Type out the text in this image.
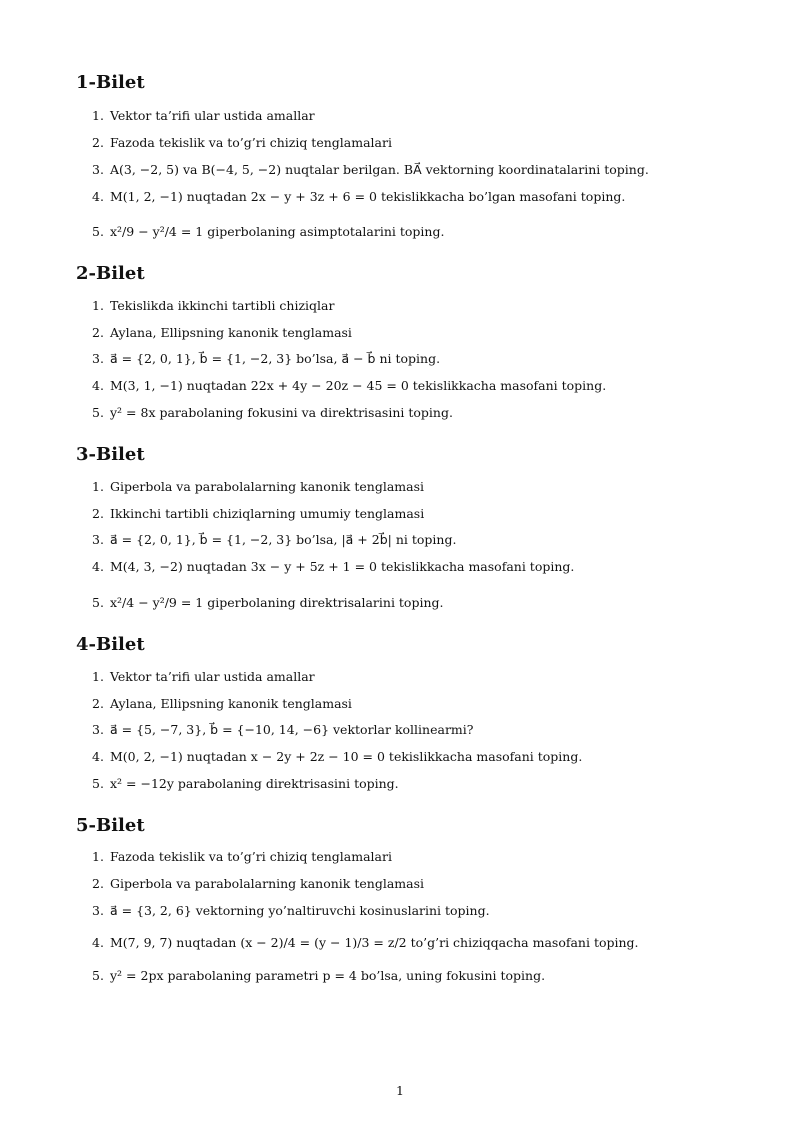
1-Bilet
1. Vektor ta’rifi ular ustida amallar
2. Fazoda tekislik va to’g’ri chiziq tenglamalari
3. A(3, −2, 5) va B(−4, 5, −2) nuqtalar berilgan. BA⃗ vektorning koordinatalarini toping.
4. M(1, 2, −1) nuqtadan 2x − y + 3z + 6 = 0 tekislikkacha bo’lgan masofani toping.
5. x²/9 − y²/4 = 1 giperbolaning asimptotalarini toping.
2-Bilet
1. Tekislikda ikkinchi tartibli chiziqlar
2. Aylana, Ellipsning kanonik tenglamasi
3. a⃗ = {2, 0, 1}, b⃗ = {1, −2, 3} bo’lsa, a⃗ − b⃗ ni toping.
4. M(3, 1, −1) nuqtadan 22x + 4y − 20z − 45 = 0 tekislikkacha masofani toping.
5. y² = 8x parabolaning fokusini va direktrisasini toping.
3-Bilet
1. Giperbola va parabolalarning kanonik tenglamasi
2. Ikkinchi tartibli chiziqlarning umumiy tenglamasi
3. a⃗ = {2, 0, 1}, b⃗ = {1, −2, 3} bo’lsa, |a⃗ + 2b⃗| ni toping.
4. M(4, 3, −2) nuqtadan 3x − y + 5z + 1 = 0 tekislikkacha masofani toping.
5. x²/4 − y²/9 = 1 giperbolaning direktrisalarini toping.
4-Bilet
1. Vektor ta’rifi ular ustida amallar
2. Aylana, Ellipsning kanonik tenglamasi
3. a⃗ = {5, −7, 3}, b⃗ = {−10, 14, −6} vektorlar kollinearmi?
4. M(0, 2, −1) nuqtadan x − 2y + 2z − 10 = 0 tekislikkacha masofani toping.
5. x² = −12y parabolaning direktrisasini toping.
5-Bilet
1. Fazoda tekislik va to’g’ri chiziq tenglamalari
2. Giperbola va parabolalarning kanonik tenglamasi
3. a⃗ = {3, 2, 6} vektorning yo’naltiruvchi kosinuslarini toping.
4. M(7, 9, 7) nuqtadan (x − 2)/4 = (y − 1)/3 = z/2 to’g’ri chiziqqacha masofani toping.
5. y² = 2px parabolaning parametri p = 4 bo’lsa, uning fokusini toping.
1
